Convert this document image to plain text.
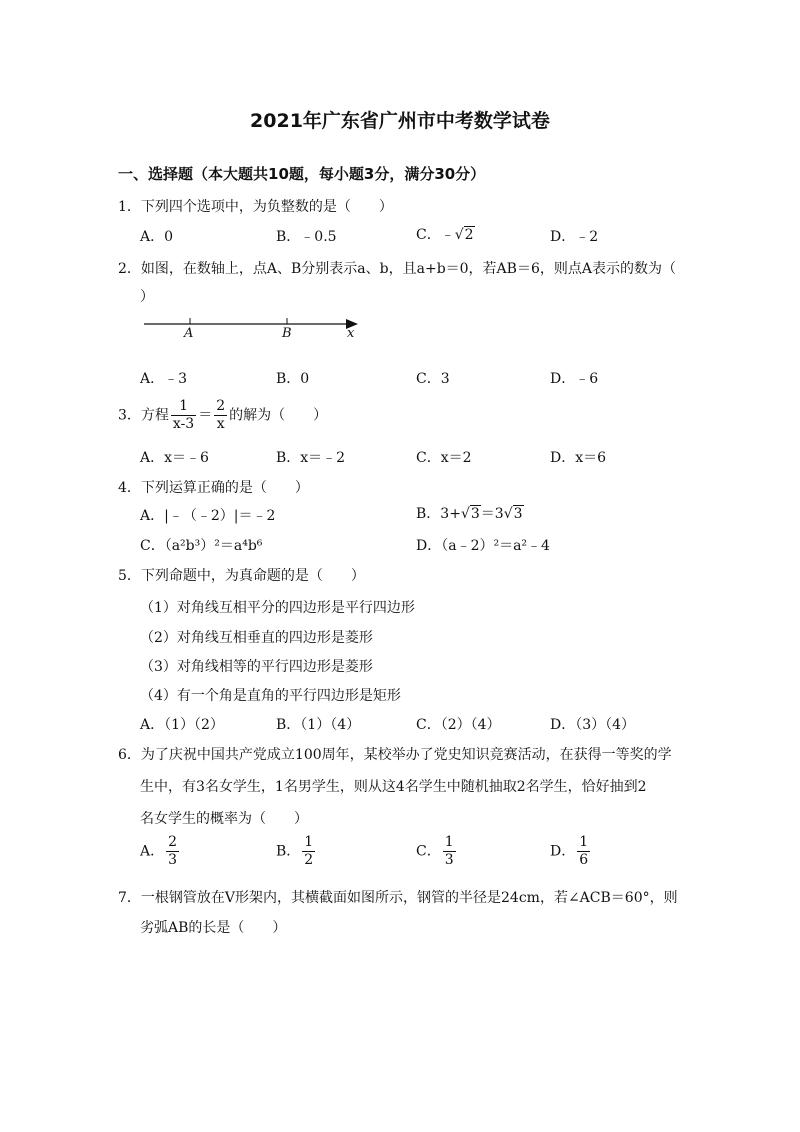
2021年广东省广州市中考数学试卷
一、选择题（本大题共10题，每小题3分，满分30分）
1．下列四个选项中，为负整数的是（　　）
A．0	B．﹣0.5	C．﹣√2	D．﹣2
2．如图，在数轴上，点A、B分别表示a、b，且a+b＝0，若AB＝6，则点A表示的数为（
）
A	B	x
A．﹣3	B．0	C．3	D．﹣6
3．方程 $\frac{1}{x-3} = \frac{2}{x}$ 的解为（　　）
A．x＝﹣6	B．x＝﹣2	C．x＝2	D．x＝6
4．下列运算正确的是（　　）
A．|﹣（﹣2）|＝﹣2	B．3+√3＝3√3
C．（a²b³）²＝a⁴b⁶	D．（a﹣2）²＝a²﹣4
5．下列命题中，为真命题的是（　　）
（1）对角线互相平分的四边形是平行四边形
（2）对角线互相垂直的四边形是菱形
（3）对角线相等的平行四边形是菱形
（4）有一个角是直角的平行四边形是矩形
A．（1）（2）	B．（1）（4）	C．（2）（4）	D．（3）（4）
6．为了庆祝中国共产党成立100周年，某校举办了党史知识竞赛活动，在获得一等奖的学
生中，有3名女学生，1名男学生，则从这4名学生中随机抽取2名学生，恰好抽到2
名女学生的概率为（　　）
A． $\frac{2}{3}$	B． $\frac{1}{2}$	C． $\frac{1}{3}$	D． $\frac{1}{6}$
7．一根钢管放在V形架内，其横截面如图所示，钢管的半径是24cm，若∠ACB＝60°，则
劣弧AB的长是（　　）
